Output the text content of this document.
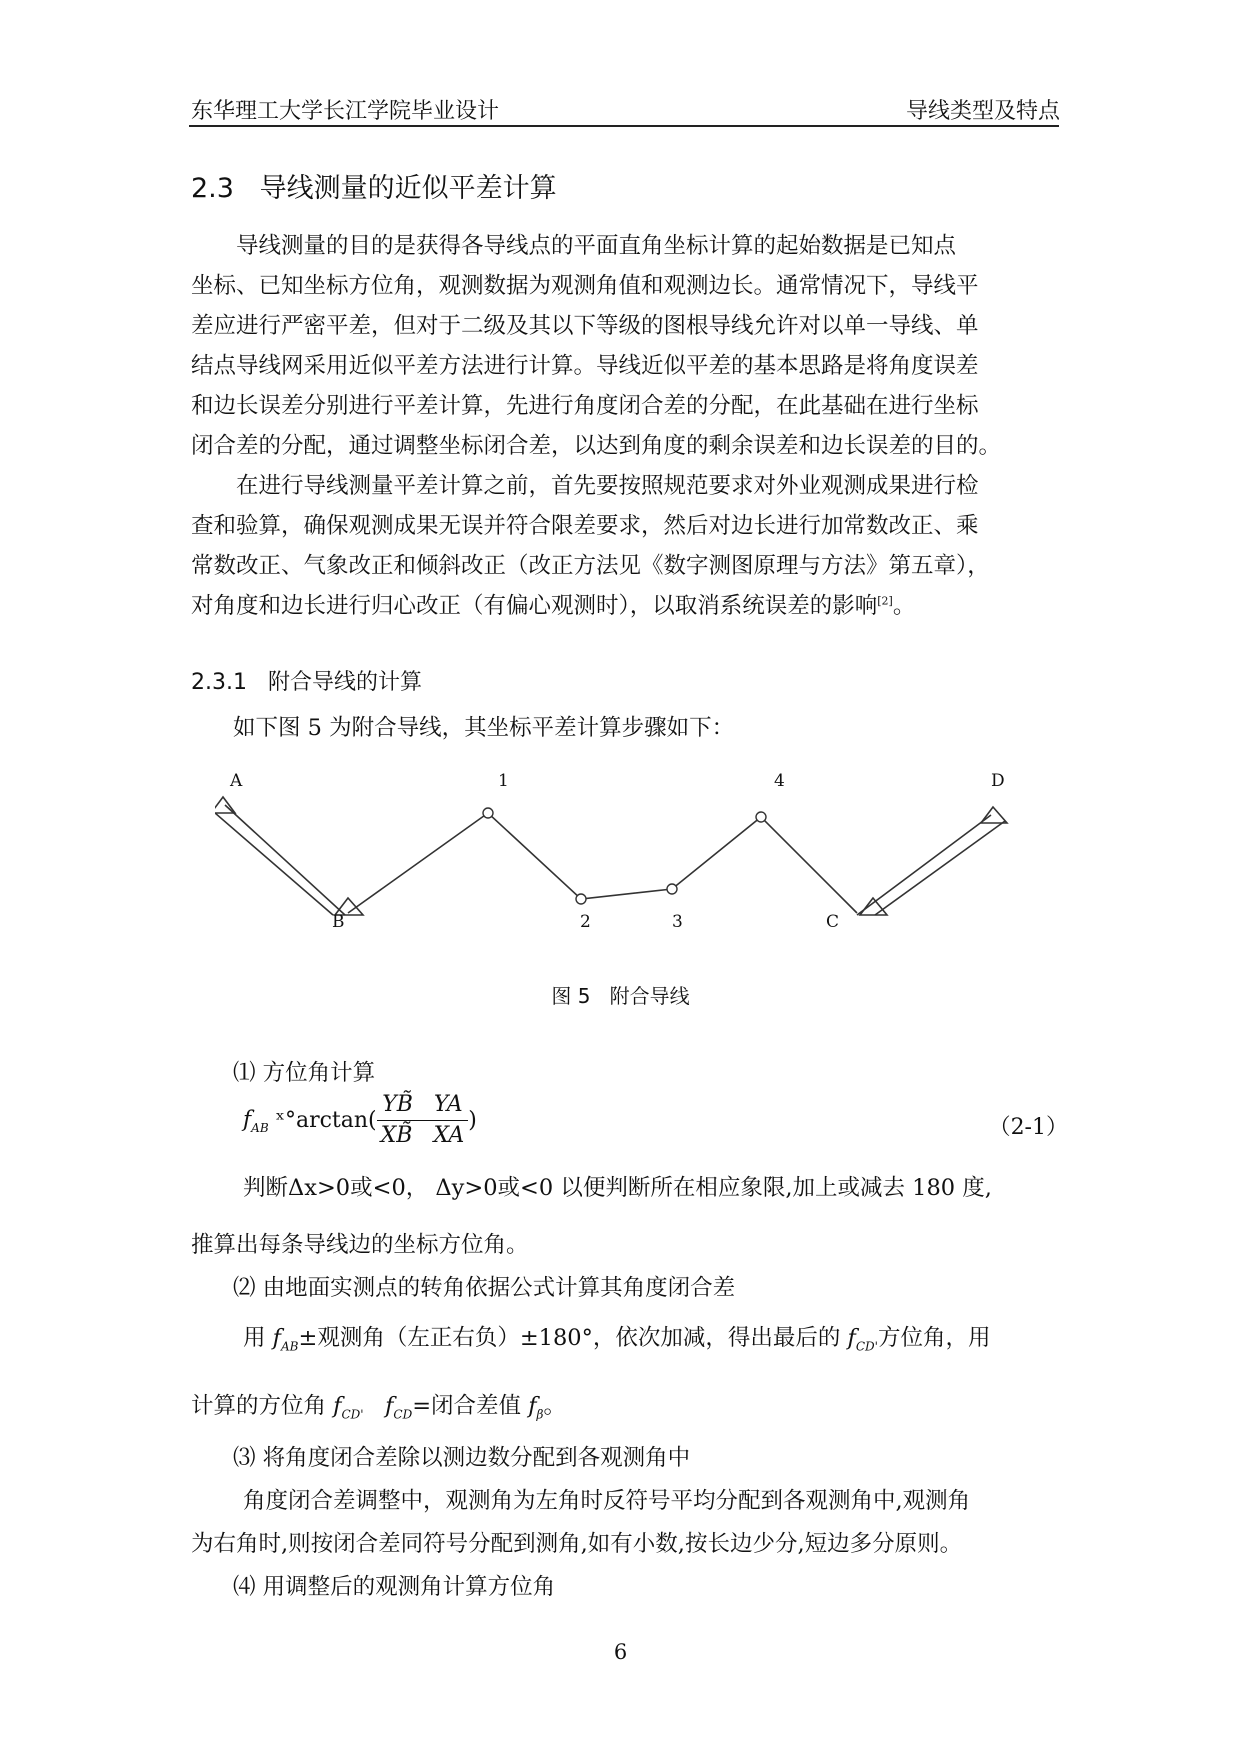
东华理工大学长江学院毕业设计	导线类型及特点
2.3   导线测量的近似平差计算
导线测量的目的是获得各导线点的平面直角坐标计算的起始数据是已知点
坐标、已知坐标方位角，观测数据为观测角值和观测边长。通常情况下，导线平
差应进行严密平差，但对于二级及其以下等级的图根导线允许对以单一导线、单
结点导线网采用近似平差方法进行计算。导线近似平差的基本思路是将角度误差
和边长误差分别进行平差计算，先进行角度闭合差的分配，在此基础在进行坐标
闭合差的分配，通过调整坐标闭合差，以达到角度的剩余误差和边长误差的目的。
在进行导线测量平差计算之前，首先要按照规范要求对外业观测成果进行检
查和验算，确保观测成果无误并符合限差要求，然后对边长进行加常数改正、乘
常数改正、气象改正和倾斜改正（改正方法见《数字测图原理与方法》第五章），
对角度和边长进行归心改正（有偏心观测时），以取消系统误差的影响[2]。
2.3.1   附合导线的计算
如下图 5 为附合导线，其坐标平差计算步骤如下：
A	1	4	D
B	2	3	C
图 5   附合导线
⑴ 方位角计算
$f_{AB}$ ˣ°arctan( $\frac{YB̃ YA}{XB̃ XA}$ )	（2-1）
判断Δx>0或<0， Δy>0或<0 以便判断所在相应象限,加上或减去 180 度,
推算出每条导线边的坐标方位角。
⑵ 由地面实测点的转角依据公式计算其角度闭合差
用 $f_{AB}\pm$观测角（左正右负）±180°，依次加减，得出最后的 $f_{CD'}$方位角，用
计算的方位角 $f_{CD'}$ $f_{CD}=$闭合差值 $f_\beta$。
⑶ 将角度闭合差除以测边数分配到各观测角中
角度闭合差调整中，观测角为左角时反符号平均分配到各观测角中,观测角
为右角时,则按闭合差同符号分配到测角,如有小数,按长边少分,短边多分原则。
⑷ 用调整后的观测角计算方位角
6
